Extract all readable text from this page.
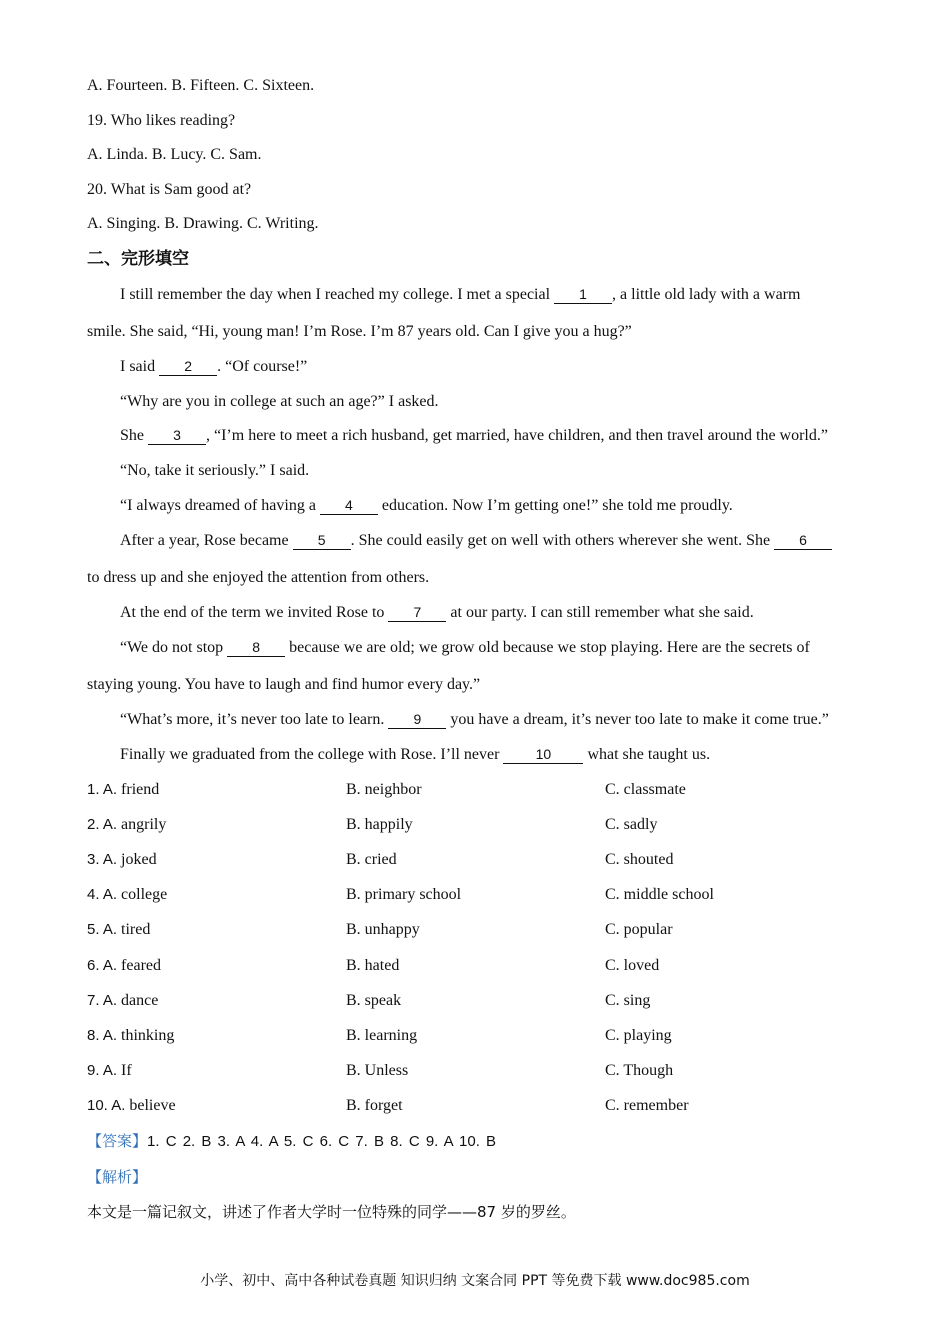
A. Fourteen. B. Fifteen. C. Sixteen.
19. Who likes reading?
A. Linda. B. Lucy. C. Sam.
20. What is Sam good at?
A. Singing. B. Drawing. C. Writing.
二、完形填空
I still remember the day when I reached my college. I met a special 1 , a little old lady with a warm
smile. She said, “Hi, young man! I’m Rose. I’m 87 years old. Can I give you a hug?”
I said 2 . “Of course!”
“Why are you in college at such an age?” I asked.
She 3 , “I’m here to meet a rich husband, get married, have children, and then travel around the world.”
“No, take it seriously.” I said.
“I always dreamed of having a 4 education. Now I’m getting one!” she told me proudly.
After a year, Rose became 5 . She could easily get on well with others wherever she went. She 6
to dress up and she enjoyed the attention from others.
At the end of the term we invited Rose to 7 at our party. I can still remember what she said.
“We do not stop 8 because we are old; we grow old because we stop playing. Here are the secrets of
staying young. You have to laugh and find humor every day.”
“What’s more, it’s never too late to learn. 9 you have a dream, it’s never too late to make it come true.”
Finally we graduated from the college with Rose. I’ll never 10 what she taught us.
1. A. friend	B. neighbor	C. classmate
2. A. angrily	B. happily	C. sadly
3. A. joked	B. cried	C. shouted
4. A. college	B. primary school	C. middle school
5. A. tired	B. unhappy	C. popular
6. A. feared	B. hated	C. loved
7. A. dance	B. speak	C. sing
8. A. thinking	B. learning	C. playing
9. A. If	B. Unless	C. Though
10. A. believe	B. forget	C. remember
【答案】1. C 2. B 3. A 4. A 5. C 6. C 7. B 8. C 9. A 10. B
【解析】
本文是一篇记叙文，讲述了作者大学时一位特殊的同学——87 岁的罗丝。
小学、初中、高中各种试卷真题 知识归纳 文案合同 PPT 等免费下载 www.doc985.com
